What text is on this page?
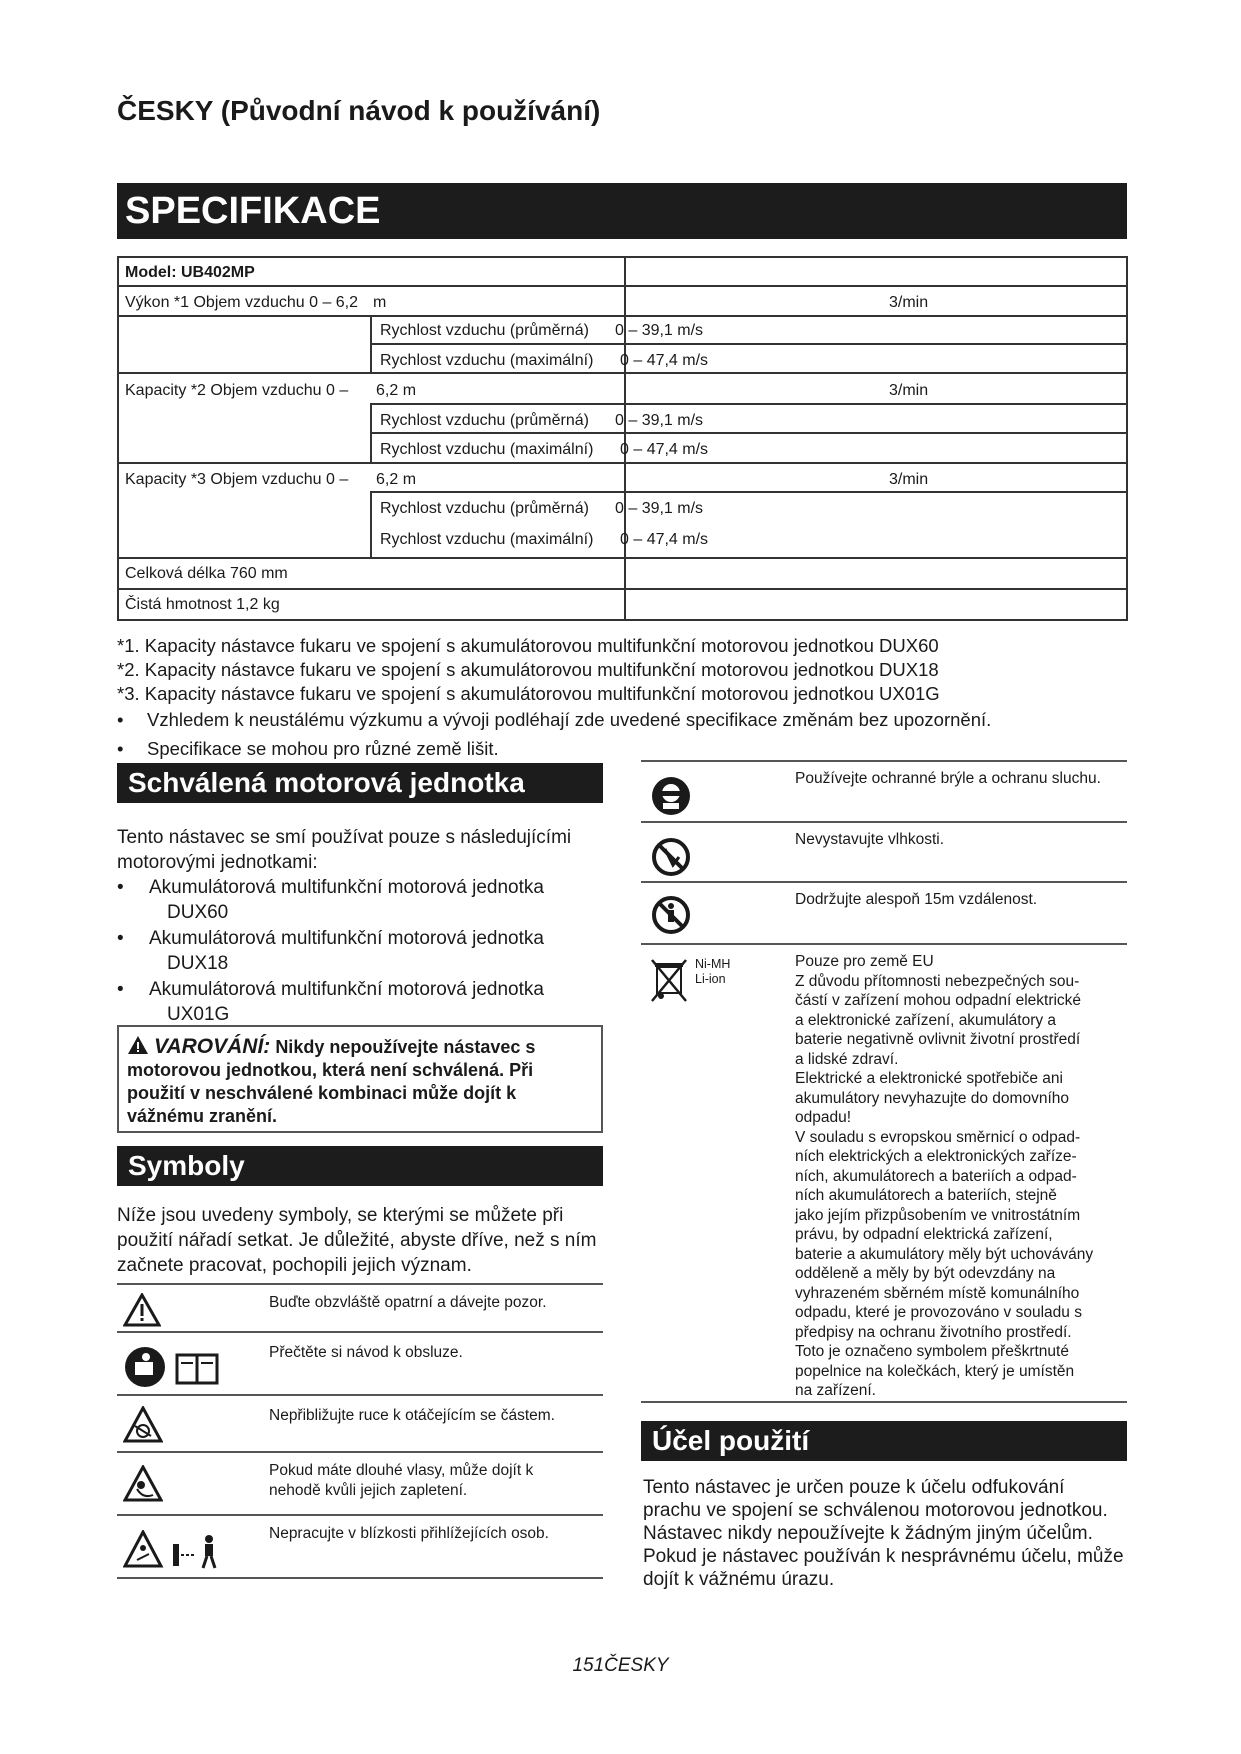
ČESKY (Původní návod k používání)
SPECIFIKACE
Model: UB402MP
Výkon *1 Objem vzduchu 0 – 6,2 m	3/min
Rychlost vzduchu (průměrná) 0 – 39,1 m/s
Rychlost vzduchu (maximální) 0 – 47,4 m/s
Kapacity *2 Objem vzduchu 0 – 6,2 m	3/min
Rychlost vzduchu (průměrná) 0 – 39,1 m/s
Rychlost vzduchu (maximální) 0 – 47,4 m/s
Kapacity *3 Objem vzduchu 0 – 6,2 m	3/min
Rychlost vzduchu (průměrná) 0 – 39,1 m/s
Rychlost vzduchu (maximální) 0 – 47,4 m/s
Celková délka 760 mm
Čistá hmotnost 1,2 kg
*1. Kapacity nástavce fukaru ve spojení s akumulátorovou multifunkční motorovou jednotkou DUX60
*2. Kapacity nástavce fukaru ve spojení s akumulátorovou multifunkční motorovou jednotkou DUX18
*3. Kapacity nástavce fukaru ve spojení s akumulátorovou multifunkční motorovou jednotkou UX01G
• Vzhledem k neustálému výzkumu a vývoji podléhají zde uvedené specifikace změnám bez upozornění.
• Specifikace se mohou pro různé země lišit.
Schválená motorová jednotka
Tento nástavec se smí používat pouze s následujícími motorovými jednotkami:
• Akumulátorová multifunkční motorová jednotka
DUX60
• Akumulátorová multifunkční motorová jednotka
DUX18
• Akumulátorová multifunkční motorová jednotka
UX01G
VAROVÁNÍ: Nikdy nepoužívejte nástavec s motorovou jednotkou, která není schválená. Při použití v neschválené kombinaci může dojít k vážnému zranění.
Symboly
Níže jsou uvedeny symboly, se kterými se můžete při použití nářadí setkat. Je důležité, abyste dříve, než s ním začnete pracovat, pochopili jejich význam.
Buďte obzvláště opatrní a dávejte pozor.
Přečtěte si návod k obsluze.
Nepřibližujte ruce k otáčejícím se částem.
Pokud máte dlouhé vlasy, může dojít k nehodě kvůli jejich zapletení.
Nepracujte v blízkosti přihlížejících osob.
Používejte ochranné brýle a ochranu sluchu.
Nevystavujte vlhkosti.
Dodržujte alespoň 15m vzdálenost.
Ni-MH
Li-ion
Pouze pro země EU
Z důvodu přítomnosti nebezpečných sou-
částí v zařízení mohou odpadní elektrické
a elektronické zařízení, akumulátory a
baterie negativně ovlivnit životní prostředí
a lidské zdraví.
Elektrické a elektronické spotřebiče ani
akumulátory nevyhazujte do domovního
odpadu!
V souladu s evropskou směrnicí o odpad-
ních elektrických a elektronických zaříze-
ních, akumulátorech a bateriích a odpad-
ních akumulátorech a bateriích, stejně
jako jejím přizpůsobením ve vnitrostátním
právu, by odpadní elektrická zařízení,
baterie a akumulátory měly být uchovávány
odděleně a měly by být odevzdány na
vyhrazeném sběrném místě komunálního
odpadu, které je provozováno v souladu s
předpisy na ochranu životního prostředí.
Toto je označeno symbolem přeškrtnuté
popelnice na kolečkách, který je umístěn
na zařízení.
Účel použití
Tento nástavec je určen pouze k účelu odfukování prachu ve spojení se schválenou motorovou jednotkou. Nástavec nikdy nepoužívejte k žádným jiným účelům. Pokud je nástavec používán k nesprávnému účelu, může dojít k vážnému úrazu.
151ČESKY
